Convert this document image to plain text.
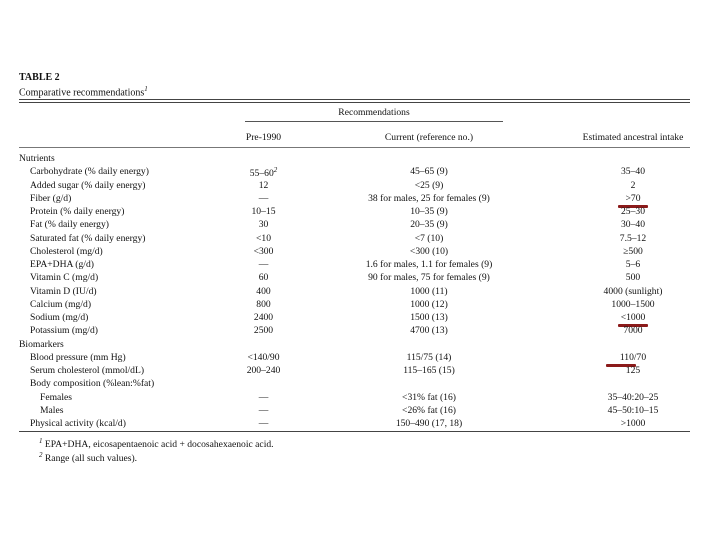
TABLE 2
Comparative recommendations$^1$
Recommendations
Pre-1990	Current (reference no.)	Estimated ancestral intake
Nutrients
Carbohydrate (% daily energy)	$55-60^2$	45–65 (9)	35–40
Added sugar (% daily energy)	12	<25 (9)	2
Fiber (g/d)	—	38 for males, 25 for females (9)	>70
Protein (% daily energy)	10–15	10–35 (9)	25–30
Fat (% daily energy)	30	20–35 (9)	30–40
Saturated fat (% daily energy)	<10	<7 (10)	7.5–12
Cholesterol (mg/d)	<300	<300 (10)	≥500
EPA+DHA (g/d)	—	1.6 for males, 1.1 for females (9)	5–6
Vitamin C (mg/d)	60	90 for males, 75 for females (9)	500
Vitamin D (IU/d)	400	1000 (11)	4000 (sunlight)
Calcium (mg/d)	800	1000 (12)	1000–1500
Sodium (mg/d)	2400	1500 (13)	<1000
Potassium (mg/d)	2500	4700 (13)	7000
Biomarkers
Blood pressure (mm Hg)	<140/90	115/75 (14)	110/70
Serum cholesterol (mmol/dL)	200–240	115–165 (15)	125
Body composition (%lean:%fat)
Females	—	<31% fat (16)	35–40:20–25
Males	—	<26% fat (16)	45–50:10–15
Physical activity (kcal/d)	—	150–490 (17, 18)	>1000
$^1$ EPA+DHA, eicosapentaenoic acid + docosahexaenoic acid.
$^2$ Range (all such values).
